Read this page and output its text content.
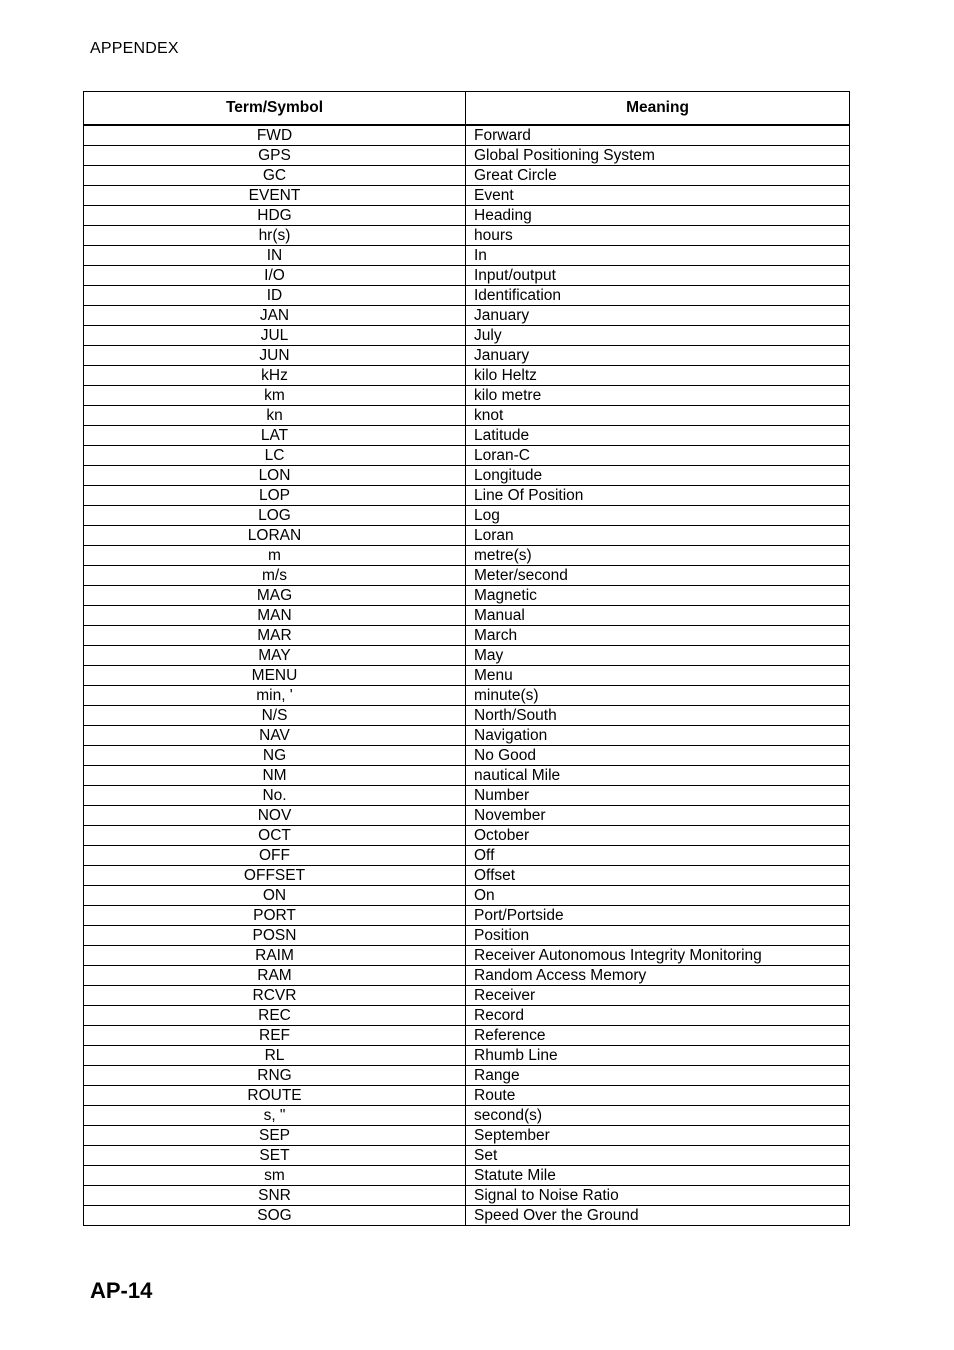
APPENDEX
Term/Symbol	Meaning
FWD	Forward
GPS	Global Positioning System
GC	Great Circle
EVENT	Event
HDG	Heading
hr(s)	hours
IN	In
I/O	Input/output
ID	Identification
JAN	January
JUL	July
JUN	January
kHz	kilo Heltz
km	kilo metre
kn	knot
LAT	Latitude
LC	Loran-C
LON	Longitude
LOP	Line Of Position
LOG	Log
LORAN	Loran
m	metre(s)
m/s	Meter/second
MAG	Magnetic
MAN	Manual
MAR	March
MAY	May
MENU	Menu
min, '	minute(s)
N/S	North/South
NAV	Navigation
NG	No Good
NM	nautical Mile
No.	Number
NOV	November
OCT	October
OFF	Off
OFFSET	Offset
ON	On
PORT	Port/Portside
POSN	Position
RAIM	Receiver Autonomous Integrity Monitoring
RAM	Random Access Memory
RCVR	Receiver
REC	Record
REF	Reference
RL	Rhumb Line
RNG	Range
ROUTE	Route
s, "	second(s)
SEP	September
SET	Set
sm	Statute Mile
SNR	Signal to Noise Ratio
SOG	Speed Over the Ground
AP-14
